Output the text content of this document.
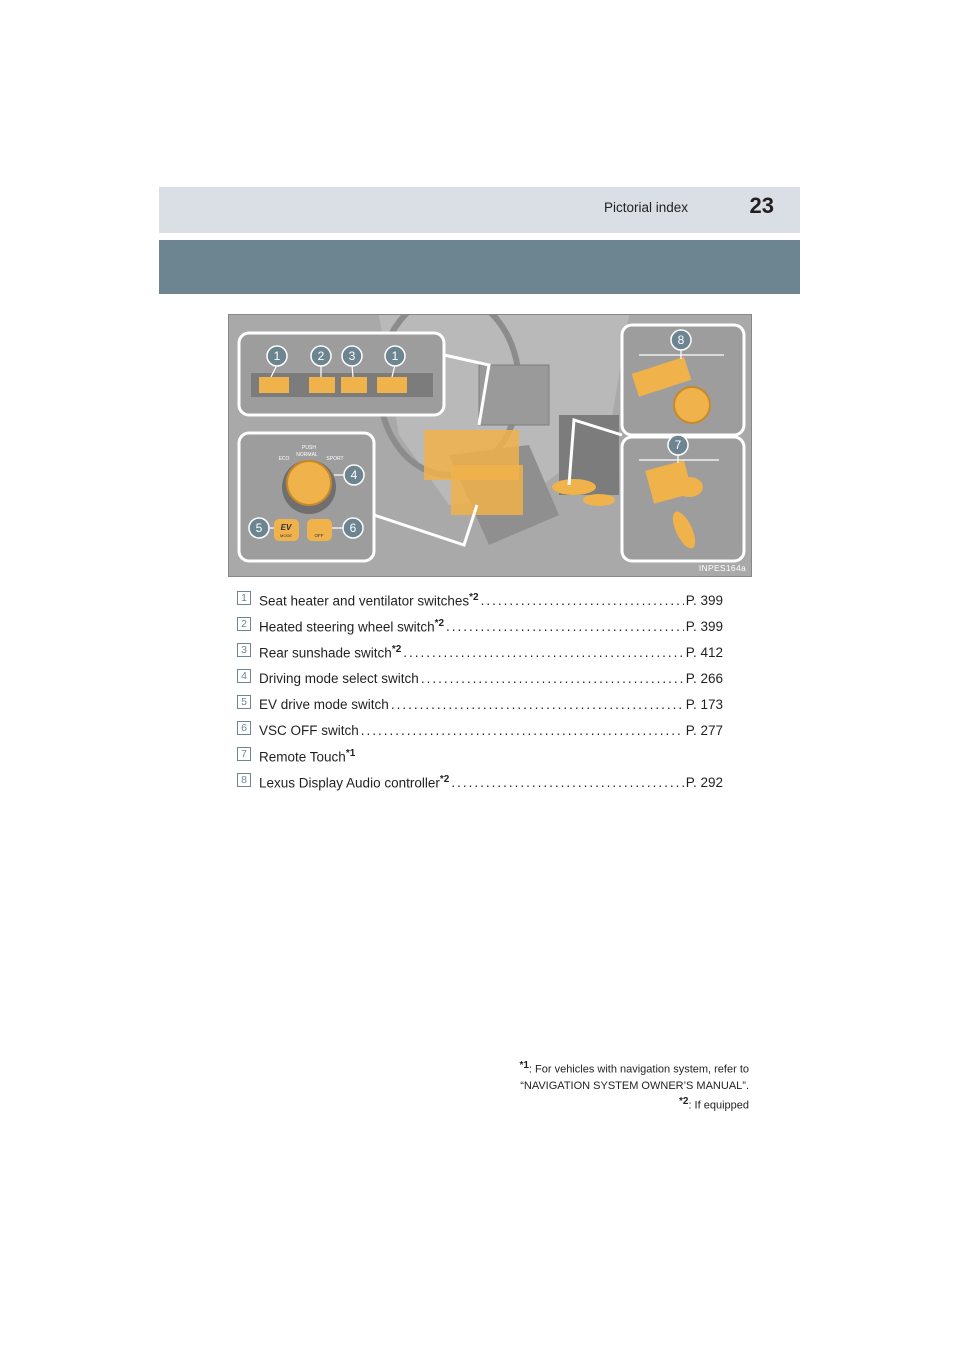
Pictorial index	23
1	2 3	1
PUSH
NORMAL
ECO	SPORT
EV
MODE	OFF
4
5	6
8
7
INPES164a
1 Seat heater and ventilator switches$^{*2}$ .....	P. 399
2 Heated steering wheel switch$^{*2}$ .....	P. 399
3 Rear sunshade switch$^{*2}$ .....	P. 412
4 Driving mode select switch .....	P. 266
5 EV drive mode switch .....	P. 173
6 VSC OFF switch .....	P. 277
7 Remote Touch$^{*1}$
8 Lexus Display Audio controller$^{*2}$ .....	P. 292
$^{*1}$: For vehicles with navigation system, refer to
“NAVIGATION SYSTEM OWNER’S MANUAL”.
$^{*2}$: If equipped
